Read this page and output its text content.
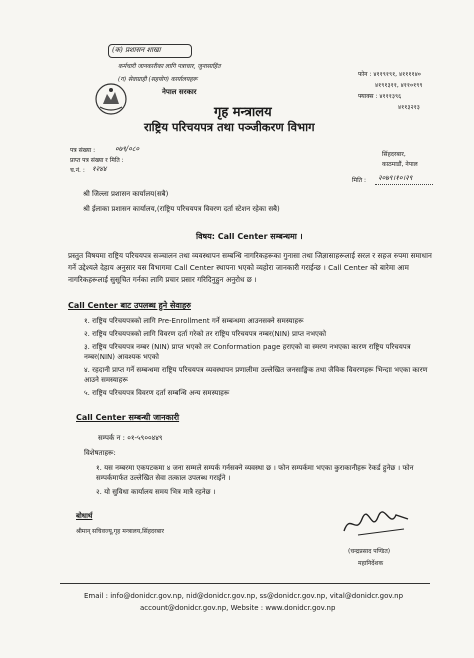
(क) प्रशासन शाखा
कर्मचारी जानकारीका लागि पत्राचार, जुनासाहिंत
(ग) सेवाग्राही (सहयोग) कार्यालयहरू
नेपाल सरकार
गृह मन्त्रालय
राष्ट्रिय परिचयपत्र तथा पञ्जीकरण विभाग
फोन : ४११९१९१, ४११११४०
४१९१३११, ४११०१९९
फ्याक्स : ४१११३९६
४११३२१३
सिंहदरबार,
काठमाडौं, नेपाल
मिति : २०७९।१०।२९
पत्र संख्या :	०७९/०८०
प्राप्त पत्र संख्या र मिति :
च.नं. : १२४४
श्री जिल्ला प्रशासन कार्यालय(सबै)
श्री ईलाका प्रशासन कार्यालय,(राष्ट्रिय परिचयपत्र विवरण दर्ता स्टेशन रहेका सबै)
विषय: Call Center सम्बन्धमा ।
प्रस्तुत विषयमा राष्ट्रिय परिचयपत्र सञ्चालन तथा व्यवस्थापन सम्बन्धि नागरिकहरूका गुनासा तथा जिज्ञासाहरूलाई सरल र सहज रुपमा समाधान गर्ने उद्देश्यले देहाय अनुसार यस विभागमा Call Center स्थापना भएको व्यहोरा जानकारी गराईन्छ । Call Center को बारेमा आम नागरिकहरूलाई सुसूचित गर्नका लागि प्रचार प्रसार गरिदिनुहुन अनुरोध छ ।
Call Center बाट उपलब्ध हुने सेवाहरु
१. राष्ट्रिय परिचयपत्रको लागि Pre-Enrollment गर्ने सम्बन्धमा आउनसक्ने समस्याहरू
२. राष्ट्रिय परिचयपत्रको लागि विवरण दर्ता गरेको तर राष्ट्रिय परिचयपत्र नम्बर(NIN) प्राप्त नभएको
३. राष्ट्रिय परिचयपत्र नम्बर (NIN) प्राप्त भएको तर Conformation page हराएको वा स्मरण नभएका कारण राष्ट्रिय परिचयपत्र नम्बर(NIN) आवश्यक भएको
४. रहदानी प्राप्त गर्ने सम्बन्धमा राष्ट्रिय परिचयपत्र व्यवस्थापन प्रणालीमा उल्लेखित जनसाङ्खिक तथा जैविक विवरणहरू भिन्दाा भएका कारण आउने समस्याहरू
५. राष्ट्रिय परिचयपत्र विवरण दर्ता सम्बन्धि अन्य समस्याहरू
Call Center सम्बन्धी जानकारी
सम्पर्क न : ०१-५९००४४९
विशेषताहरू:
१. यस नम्बरमा एकपटकमा ४ जना सम्मले सम्पर्क गर्नसक्ने व्यवस्था छ । फोन सम्पर्कमा भएका कुराकानीहरू रेकर्ड हुनेछ । फोन सम्पर्कमार्फत उल्लेखित सेवा तत्काल उपलब्ध गराईने ।
२. यो सुविधा कार्यालय समय भित्र मात्रै रहनेछ ।
(चन्द्रप्रसाद पण्डित)
महानिर्देशक
बोधार्थ
श्रीमान् सचिवज्यू,गृह मन्त्रालय,सिंहदरबार
Email : info@donidcr.gov.np, nid@donidcr.gov.np, ss@donidcr.gov.np, vital@donidcr.gov.np
account@donidcr.gov.np, Website : www.donidcr.gov.np
